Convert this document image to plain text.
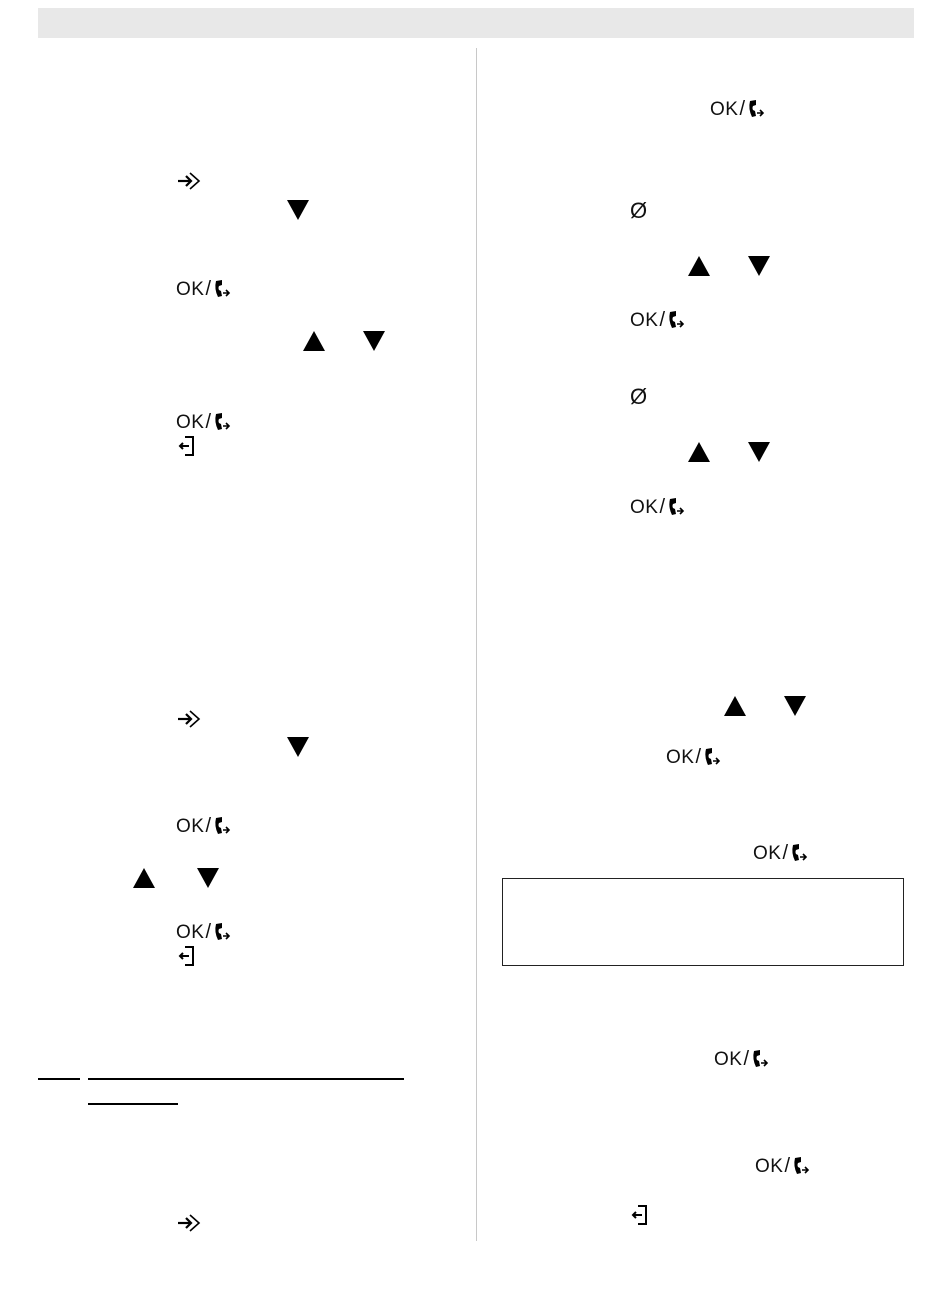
OK /
OK /
OK /
OK /
OK /
Ø
OK /
Ø
OK /
OK /
OK /
OK /
OK /
